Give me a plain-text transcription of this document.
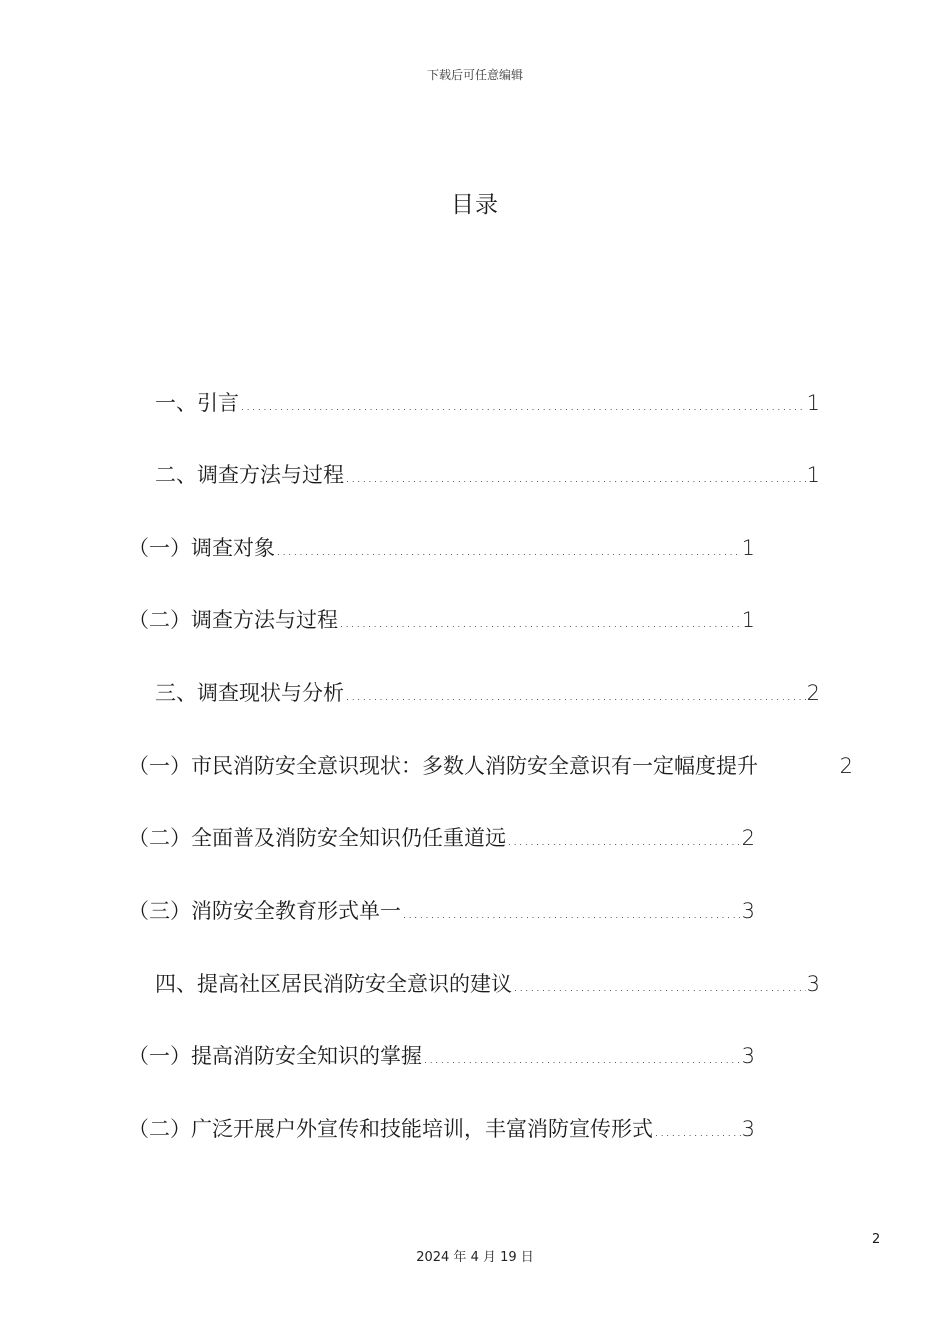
下载后可任意编辑
目录
一、引言 .....	1
二、调查方法与过程 .....	1
（一）调查对象 .....	1
（二）调查方法与过程 .....	1
三、调查现状与分析 .....	2
（一）市民消防安全意识现状：多数人消防安全意识有一定幅度提升	2
（二）全面普及消防安全知识仍任重道远 .....	2
（三）消防安全教育形式单一 .....	3
四、提高社区居民消防安全意识的建议 .....	3
（一）提高消防安全知识的掌握 .....	3
（二）广泛开展户外宣传和技能培训，丰富消防宣传形式 .....	3
2
2024 年 4 月 19 日
